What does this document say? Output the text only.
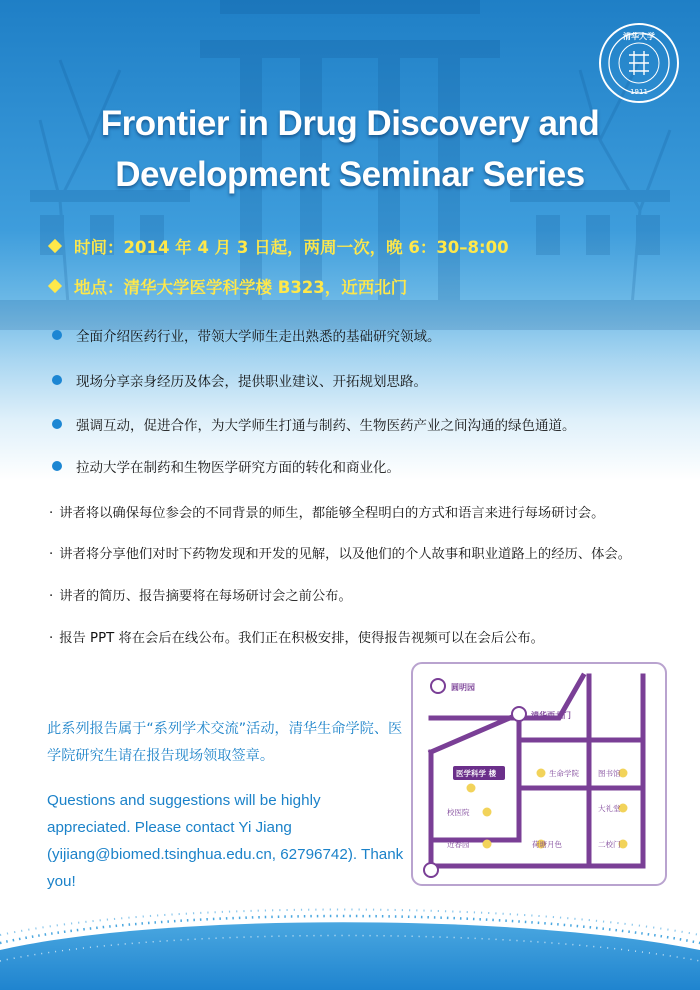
清华大学
1911
Frontier in Drug Discovery and
Development Seminar Series
时间：2014 年 4 月 3 日起，两周一次，晚 6：30–8:00
地点：清华大学医学科学楼 B323，近西北门
全面介绍医药行业，带领大学师生走出熟悉的基础研究领域。
现场分享亲身经历及体会，提供职业建议、开拓规划思路。
强调互动，促进合作，为大学师生打通与制药、生物医药产业之间沟通的绿色通道。
拉动大学在制药和生物医学研究方面的转化和商业化。
· 讲者将以确保每位参会的不同背景的师生，都能够全程明白的方式和语言来进行每场研讨会。
· 讲者将分享他们对时下药物发现和开发的见解，以及他们的个人故事和职业道路上的经历、体会。
· 讲者的简历、报告摘要将在每场研讨会之前公布。
· 报告 PPT 将在会后在线公布。我们正在积极安排，使得报告视频可以在会后公布。

此系列报告属于“系列学术交流”活动，清华生命学院、医学院研究生请在报告现场领取签章。

Questions and suggestions will be highly appreciated. Please contact Yi Jiang (yijiang@biomed.tsinghua.edu.cn, 62796742). Thank you!

圆明园
清华西北门
医学科学 楼	生命学院	图书馆
校医院	大礼堂
近春园	荷塘月色	二校门
